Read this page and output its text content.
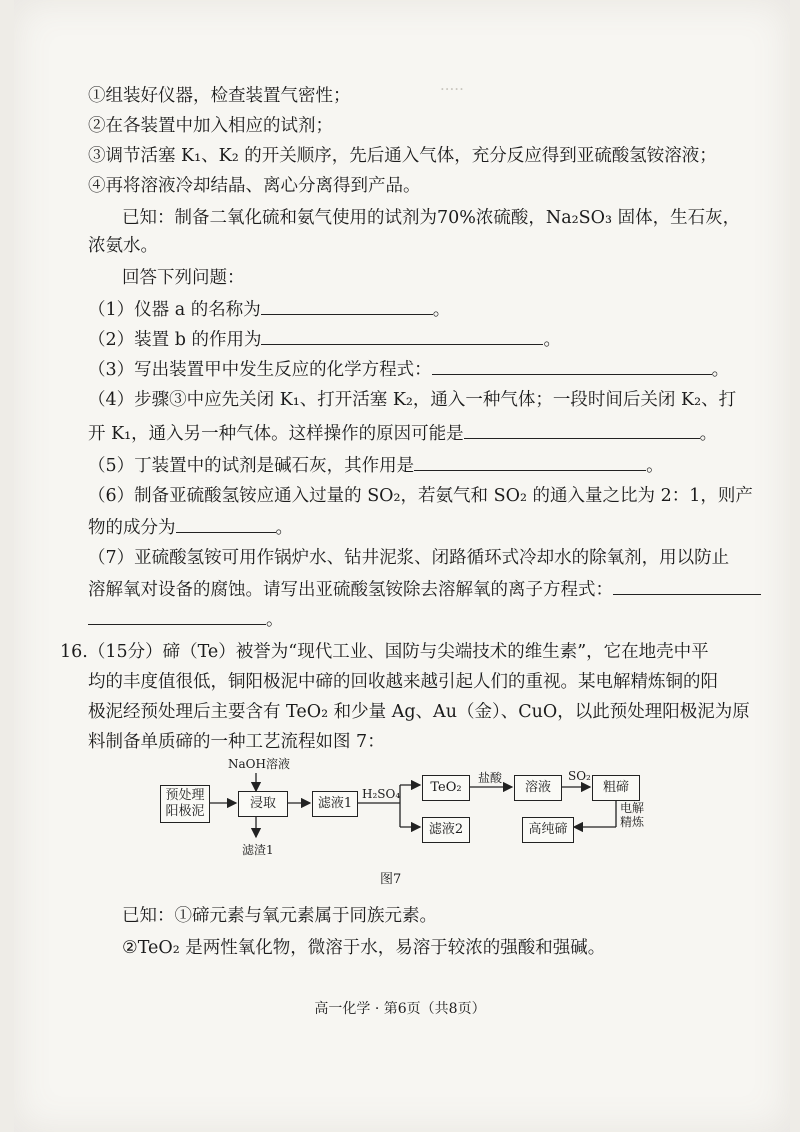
·····
①组装好仪器，检查装置气密性；
②在各装置中加入相应的试剂；
③调节活塞 K₁、K₂ 的开关顺序，先后通入气体，充分反应得到亚硫酸氢铵溶液；
④再将溶液冷却结晶、离心分离得到产品。
已知：制备二氧化硫和氨气使用的试剂为70%浓硫酸，Na₂SO₃ 固体，生石灰，
浓氨水。
回答下列问题：
（1）仪器 a 的名称为	。
（2）装置 b 的作用为	。
（3）写出装置甲中发生反应的化学方程式：	。
（4）步骤③中应先关闭 K₁、打开活塞 K₂，通入一种气体；一段时间后关闭 K₂、打
开 K₁，通入另一种气体。这样操作的原因可能是	。
（5）丁装置中的试剂是碱石灰，其作用是	。
（6）制备亚硫酸氢铵应通入过量的 SO₂，若氨气和 SO₂ 的通入量之比为 2：1，则产
物的成分为	。
（7）亚硫酸氢铵可用作锅炉水、钻井泥浆、闭路循环式冷却水的除氧剂，用以防止
溶解氧对设备的腐蚀。请写出亚硫酸氢铵除去溶解氧的离子方程式：
。
16.（15分）碲（Te）被誉为“现代工业、国防与尖端技术的维生素”，它在地壳中平
均的丰度值很低，铜阳极泥中碲的回收越来越引起人们的重视。某电解精炼铜的阳
极泥经预处理后主要含有 TeO₂ 和少量 Ag、Au（金）、CuO，以此预处理阳极泥为原
料制备单质碲的一种工艺流程如图 7：
预处理
阳极泥
NaOH溶液
浸取
滤渣1
滤液1
H₂SO₄	TeO₂
滤液2
盐酸
溶液
SO₂
粗碲
电解
精炼
高纯碲
图7
已知：①碲元素与氧元素属于同族元素。
②TeO₂ 是两性氧化物，微溶于水，易溶于较浓的强酸和强碱。
高一化学 · 第6页（共8页）
